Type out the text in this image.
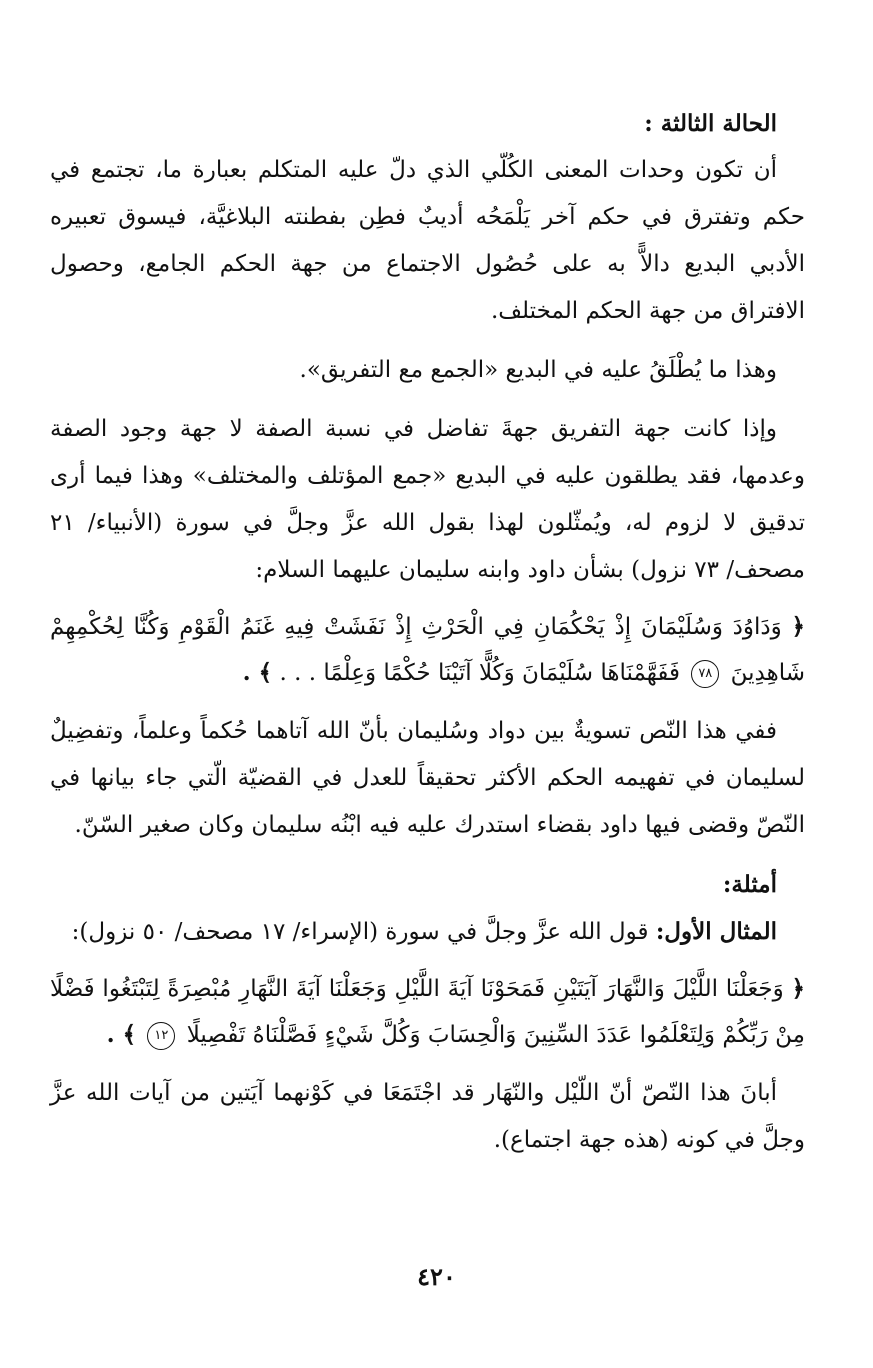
الحالة الثالثة :

أن تكون وحدات المعنى الكُلّي الذي دلّ عليه المتكلم بعبارة ما، تجتمع في حكم وتفترق في حكم آخر يَلْمَحُه أديبٌ فطِن بفطنته البلاغيَّة، فيسوق تعبيره الأدبي البديع دالاًّ به على حُصُول الاجتماع من جهة الحكم الجامع، وحصول الافتراق من جهة الحكم المختلف.

وهذا ما يُطْلَقُ عليه في البديع «الجمع مع التفريق».

وإذا كانت جهة التفريق جهةَ تفاضل في نسبة الصفة لا جهة وجود الصفة وعدمها، فقد يطلقون عليه في البديع «جمع المؤتلف والمختلف» وهذا فيما أرى تدقيق لا لزوم له، ويُمثّلون لهذا بقول الله عزَّ وجلَّ في سورة (الأنبياء/ ٢١ مصحف/ ٧٣ نزول) بشأن داود وابنه سليمان عليهما السلام:

﴿ وَدَاوُدَ وَسُلَيْمَانَ إِذْ يَحْكُمَانِ فِي الْحَرْثِ إِذْ نَفَشَتْ فِيهِ غَنَمُ الْقَوْمِ وَكُنَّا لِحُكْمِهِمْ شَاهِدِينَ ٧٨ فَفَهَّمْنَاهَا سُلَيْمَانَ وَكُلًّا آتَيْنَا حُكْمًا وَعِلْمًا . . . ﴾ .

ففي هذا النّص تسويةٌ بين دواد وسُليمان بأنّ الله آتاهما حُكماً وعلماً، وتفضِيلٌ لسليمان في تفهيمه الحكم الأكثر تحقيقاً للعدل في القضيّة الّتي جاء بيانها في النّصّ وقضى فيها داود بقضاء استدرك عليه فيه ابْنُه سليمان وكان صغير السّنّ.

أمثلة:

المثال الأول: قول الله عزَّ وجلَّ في سورة (الإسراء/ ١٧ مصحف/ ٥٠ نزول):

﴿ وَجَعَلْنَا اللَّيْلَ وَالنَّهَارَ آيَتَيْنِ فَمَحَوْنَا آيَةَ اللَّيْلِ وَجَعَلْنَا آيَةَ النَّهَارِ مُبْصِرَةً لِتَبْتَغُوا فَضْلًا مِنْ رَبِّكُمْ وَلِتَعْلَمُوا عَدَدَ السِّنِينَ وَالْحِسَابَ وَكُلَّ شَيْءٍ فَصَّلْنَاهُ تَفْصِيلًا ١٢ ﴾ .

أبانَ هذا النّصّ أنّ اللّيْل والنّهَار قد اجْتَمَعَا في كَوْنهما آيَتين من آيات الله عزَّ وجلَّ في كونه (هذه جهة اجتماع).

٤٢٠
